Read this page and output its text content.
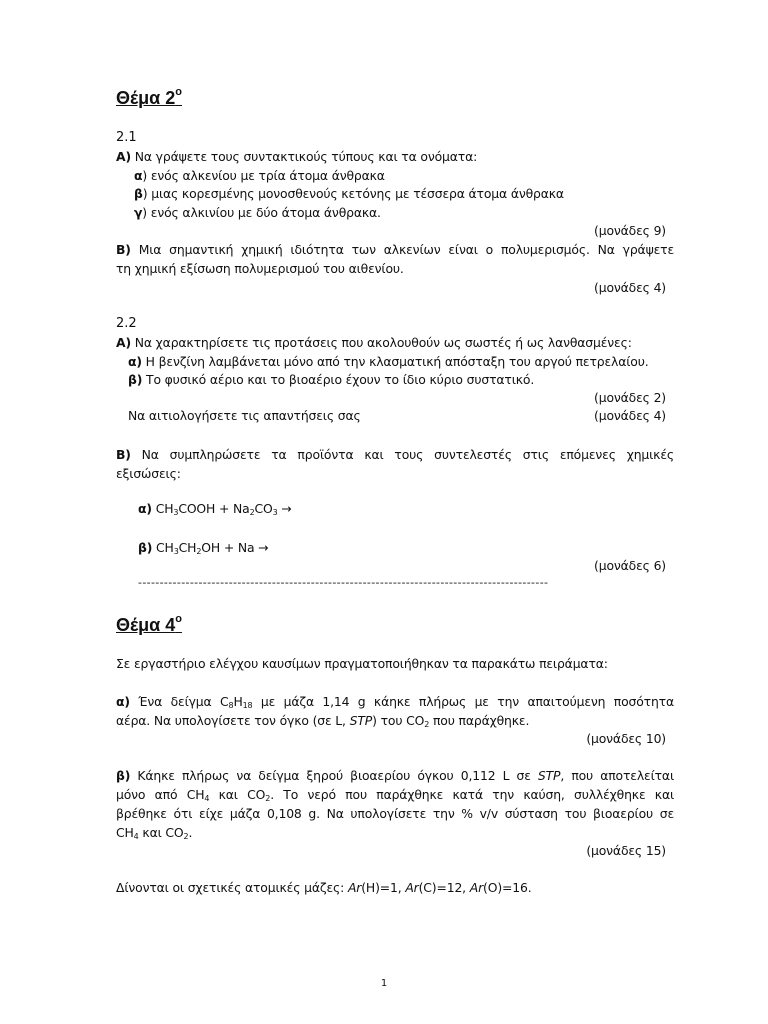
Θέμα $2^o$
2.1
Α) Να γράψετε τους συντακτικούς τύπους και τα ονόματα:
α) ενός αλκενίου με τρία άτομα άνθρακα
β) μιας κορεσμένης μονοσθενούς κετόνης με τέσσερα άτομα άνθρακα
γ) ενός αλκινίου με δύο άτομα άνθρακα.
(μονάδες 9)

Β) Μια σημαντική χημική ιδιότητα των αλκενίων είναι ο πολυμερισμός. Να γράψετε

τη χημική εξίσωση πολυμερισμού του αιθενίου.

(μονάδες 4)
2.2
Α) Να χαρακτηρίσετε τις προτάσεις που ακολουθούν ως σωστές ή ως λανθασμένες:
α) Η βενζίνη λαμβάνεται μόνο από την κλασματική απόσταξη του αργού πετρελαίου.
β) Το φυσικό αέριο και το βιοαέριο έχουν το ίδιο κύριο συστατικό.
(μονάδες 2)
Να αιτιολογήσετε τις απαντήσεις σας	(μονάδες 4)

Β) Να συμπληρώσετε τα προϊόντα και τους συντελεστές στις επόμενες χημικές

εξισώσεις:

α) $CH_3COOH + Na_2CO_3$ →
β) $CH_3CH_2OH + Na$ →
(μονάδες 6)
-----------------------------------------------------------------------------------------------
Θέμα $4^o$
Σε εργαστήριο ελέγχου καυσίμων πραγματοποιήθηκαν τα παρακάτω πειράματα:

α) Ένα δείγμα $C_8H_{18}$ με μάζα 1,14 g κάηκε πλήρως με την απαιτούμενη ποσότητα

αέρα. Να υπολογίσετε τον όγκο (σε L, STP) του $CO_2$ που παράχθηκε.

(μονάδες 10)

β) Κάηκε πλήρως να δείγμα ξηρού βιοαερίου όγκου 0,112 L σε STP, που αποτελείται

μόνο από $CH_4$ και $CO_2$. Το νερό που παράχθηκε κατά την καύση, συλλέχθηκε και

βρέθηκε ότι είχε μάζα 0,108 g. Να υπολογίσετε την % v/v σύσταση του βιοαερίου σε

$CH_4$ και $CO_2$.

(μονάδες 15)
Δίνονται οι σχετικές ατομικές μάζες: Ar(H)=1, Ar(C)=12, Ar(O)=16.
1
